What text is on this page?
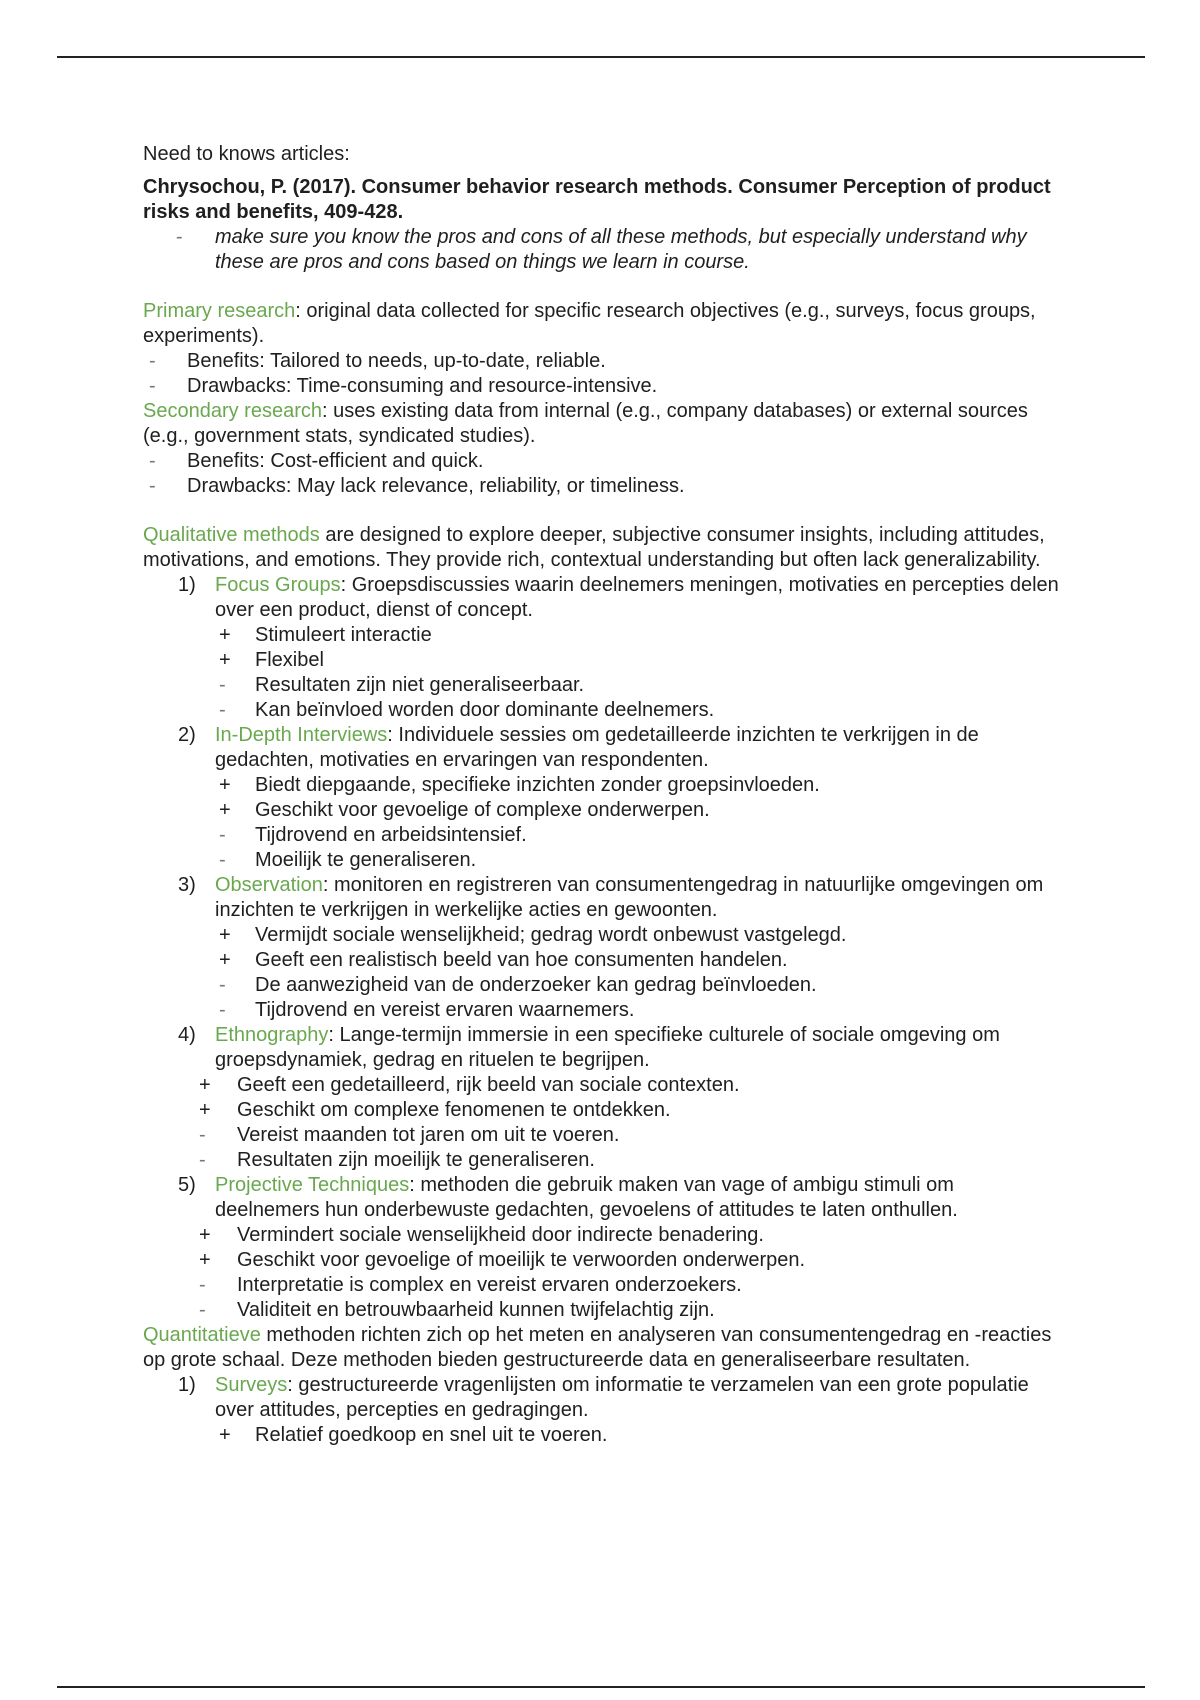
Need to knows articles:

Chrysochou, P. (2017). Consumer behavior research methods. Consumer Perception of product risks and benefits, 409-428.

-	make sure you know the pros and cons of all these methods, but especially understand why these are pros and cons based on things we learn in course.

Primary research: original data collected for specific research objectives (e.g., surveys, focus groups, experiments).

-	Benefits: Tailored to needs, up-to-date, reliable.
-	Drawbacks: Time-consuming and resource-intensive.

Secondary research: uses existing data from internal (e.g., company databases) or external sources (e.g., government stats, syndicated studies).

-	Benefits: Cost-efficient and quick.
-	Drawbacks: May lack relevance, reliability, or timeliness.

Qualitative methods are designed to explore deeper, subjective consumer insights, including attitudes, motivations, and emotions. They provide rich, contextual understanding but often lack generalizability.

1) Focus Groups: Groepsdiscussies waarin deelnemers meningen, motivaties en percepties delen over een product, dienst of concept.
+	Stimuleert interactie
+	Flexibel
-	Resultaten zijn niet generaliseerbaar.
-	Kan beïnvloed worden door dominante deelnemers.
2) In-Depth Interviews: Individuele sessies om gedetailleerde inzichten te verkrijgen in de gedachten, motivaties en ervaringen van respondenten.
+	Biedt diepgaande, specifieke inzichten zonder groepsinvloeden.
+	Geschikt voor gevoelige of complexe onderwerpen.
-	Tijdrovend en arbeidsintensief.
-	Moeilijk te generaliseren.
3) Observation: monitoren en registreren van consumentengedrag in natuurlijke omgevingen om inzichten te verkrijgen in werkelijke acties en gewoonten.
+	Vermijdt sociale wenselijkheid; gedrag wordt onbewust vastgelegd.
+	Geeft een realistisch beeld van hoe consumenten handelen.
-	De aanwezigheid van de onderzoeker kan gedrag beïnvloeden.
-	Tijdrovend en vereist ervaren waarnemers.
4) Ethnography: Lange-termijn immersie in een specifieke culturele of sociale omgeving om groepsdynamiek, gedrag en rituelen te begrijpen.
+	Geeft een gedetailleerd, rijk beeld van sociale contexten.
+	Geschikt om complexe fenomenen te ontdekken.
-	Vereist maanden tot jaren om uit te voeren.
-	Resultaten zijn moeilijk te generaliseren.
5) Projective Techniques: methoden die gebruik maken van vage of ambigu stimuli om deelnemers hun onderbewuste gedachten, gevoelens of attitudes te laten onthullen.
+	Vermindert sociale wenselijkheid door indirecte benadering.
+	Geschikt voor gevoelige of moeilijk te verwoorden onderwerpen.
-	Interpretatie is complex en vereist ervaren onderzoekers.
-	Validiteit en betrouwbaarheid kunnen twijfelachtig zijn.

Quantitatieve methoden richten zich op het meten en analyseren van consumentengedrag en -reacties op grote schaal. Deze methoden bieden gestructureerde data en generaliseerbare resultaten.

1) Surveys: gestructureerde vragenlijsten om informatie te verzamelen van een grote populatie over attitudes, percepties en gedragingen.
+	Relatief goedkoop en snel uit te voeren.
